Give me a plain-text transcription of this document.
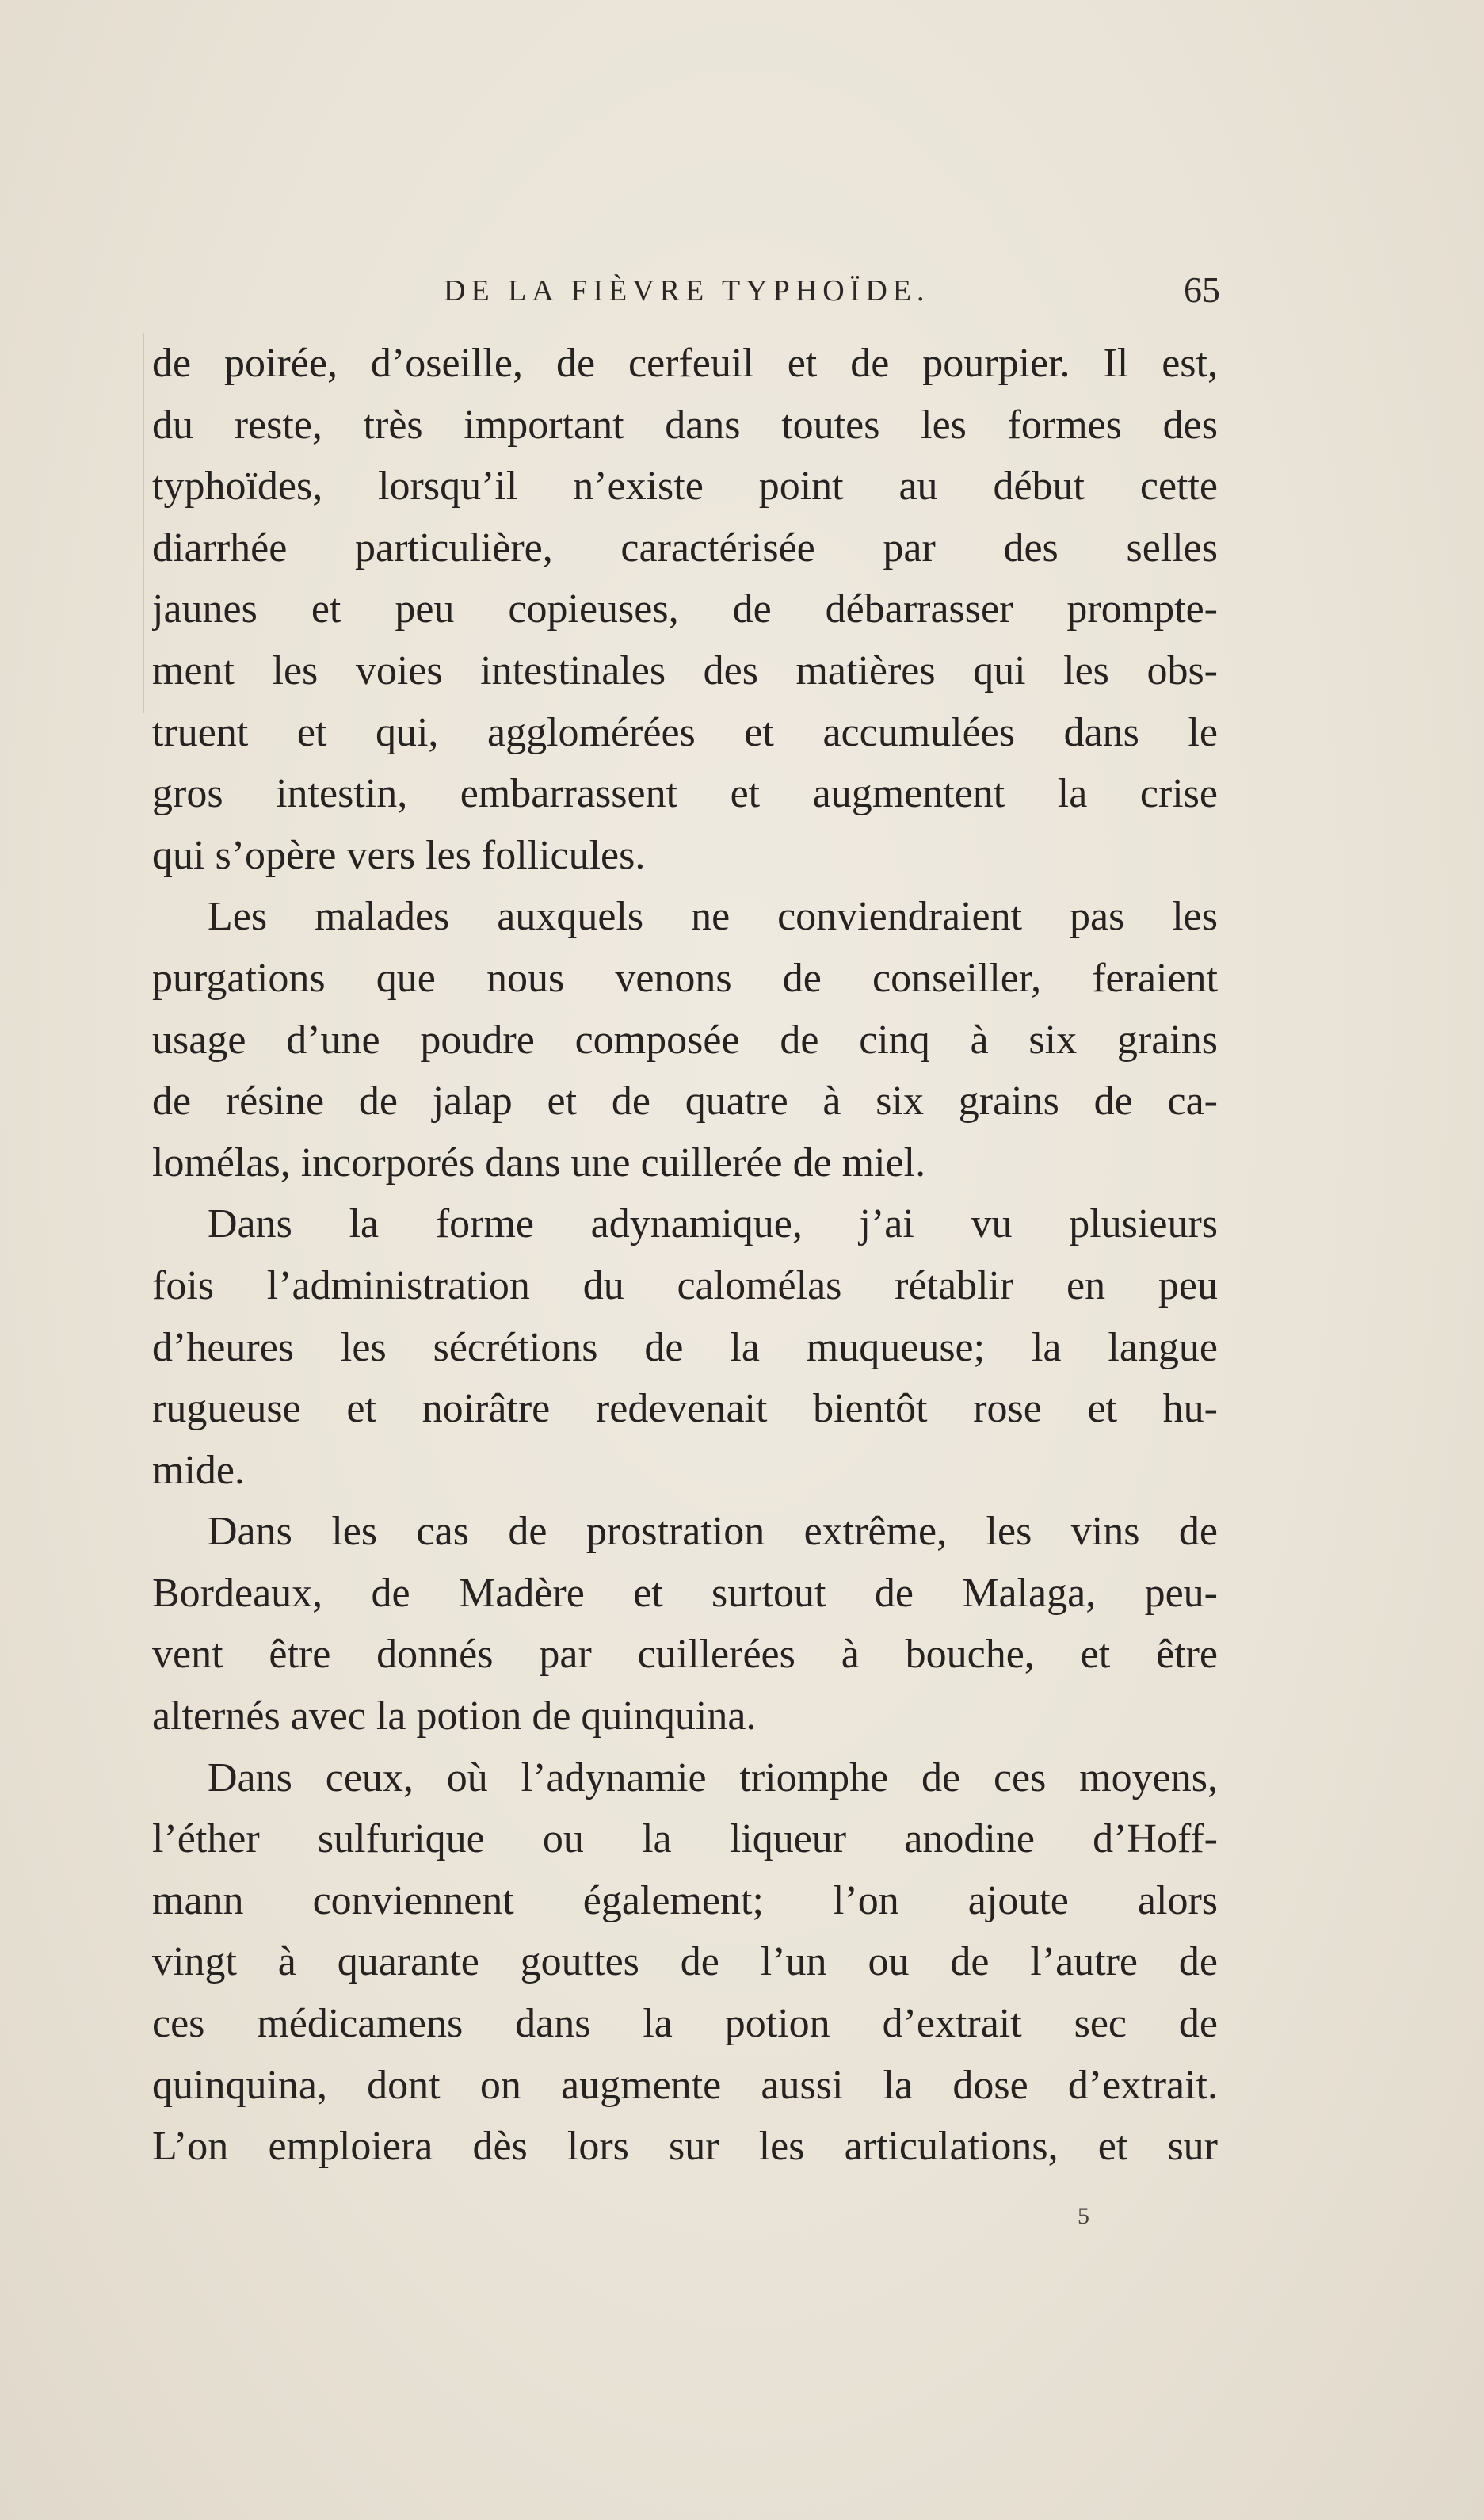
DE LA FIÈVRE TYPHOÏDE.	65
de poirée, d’oseille, de cerfeuil et de pourpier. Il est,
du reste, très important dans toutes les formes des
typhoïdes, lorsqu’il n’existe point au début cette
diarrhée particulière, caractérisée par des selles
jaunes et peu copieuses, de débarrasser prompte-
ment les voies intestinales des matières qui les obs-
truent et qui, agglomérées et accumulées dans le
gros intestin, embarrassent et augmentent la crise
qui s’opère vers les follicules.
Les malades auxquels ne conviendraient pas les
purgations que nous venons de conseiller, feraient
usage d’une poudre composée de cinq à six grains
de résine de jalap et de quatre à six grains de ca-
lomélas, incorporés dans une cuillerée de miel.
Dans la forme adynamique, j’ai vu plusieurs
fois l’administration du calomélas rétablir en peu
d’heures les sécrétions de la muqueuse; la langue
rugueuse et noirâtre redevenait bientôt rose et hu-
mide.
Dans les cas de prostration extrême, les vins de
Bordeaux, de Madère et surtout de Malaga, peu-
vent être donnés par cuillerées à bouche, et être
alternés avec la potion de quinquina.
Dans ceux, où l’adynamie triomphe de ces moyens,
l’éther sulfurique ou la liqueur anodine d’Hoff-
mann conviennent également; l’on ajoute alors
vingt à quarante gouttes de l’un ou de l’autre de
ces médicamens dans la potion d’extrait sec de
quinquina, dont on augmente aussi la dose d’extrait.
L’on emploiera dès lors sur les articulations, et sur
5
